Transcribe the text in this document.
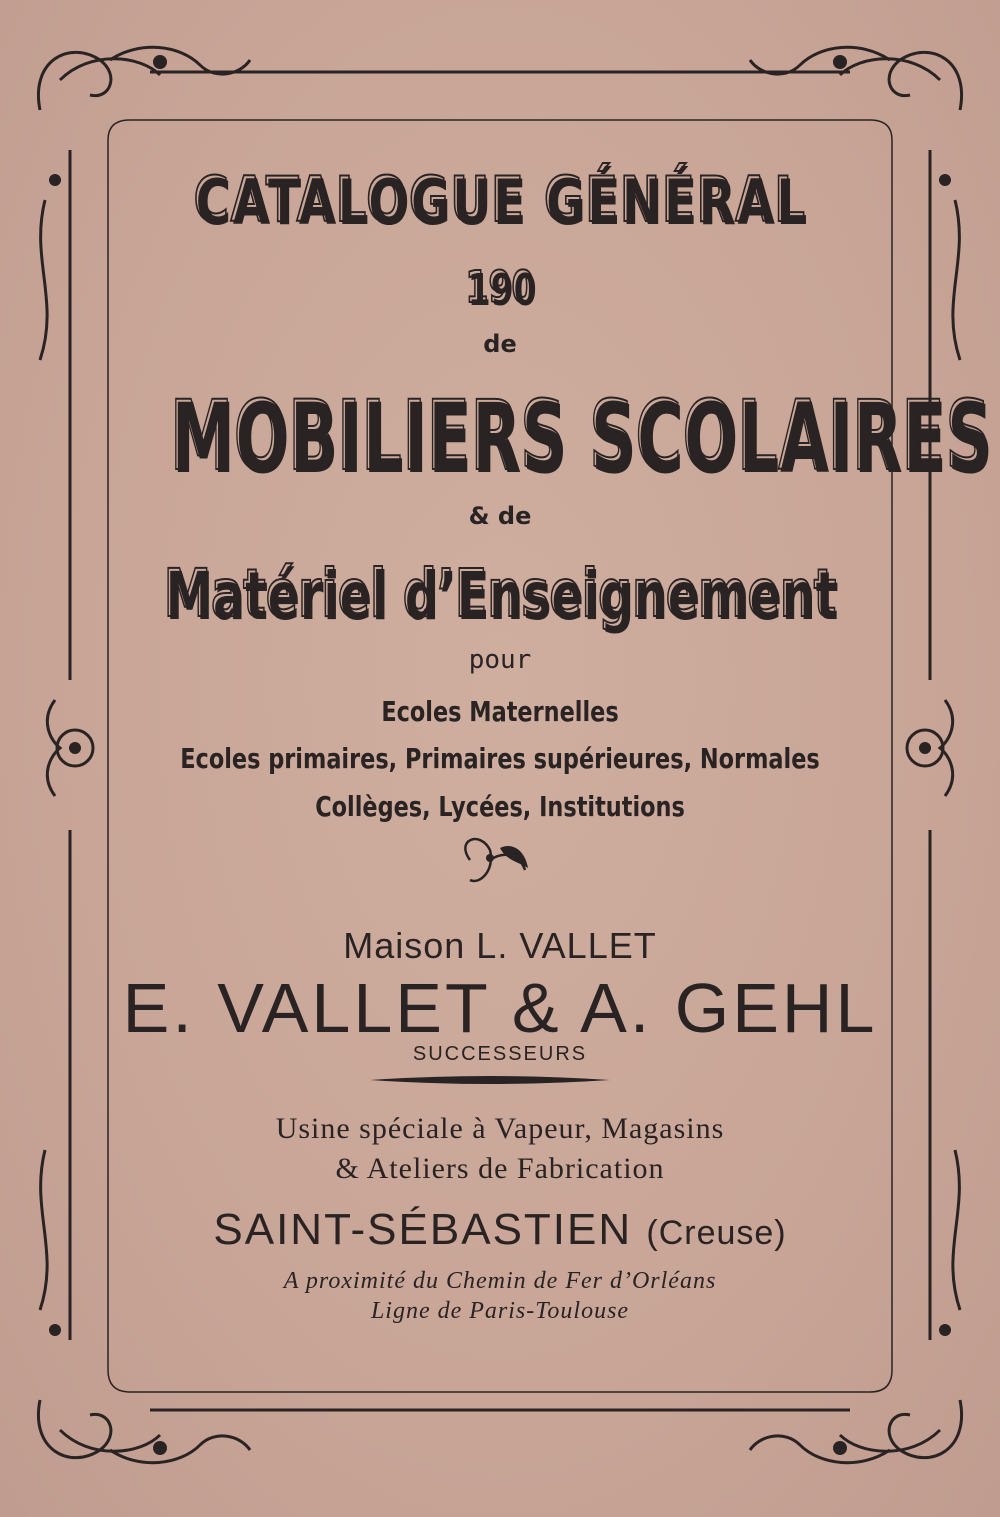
CATALOGUE GÉNÉRAL
190
de
MOBILIERS SCOLAIRES
& de
Matériel d’Enseignement
pour
Ecoles Maternelles
Ecoles primaires, Primaires supérieures, Normales
Collèges, Lycées, Institutions
Maison L. VALLET
E. VALLET & A. GEHL
SUCCESSEURS
Usine spéciale à Vapeur, Magasins
& Ateliers de Fabrication
SAINT-SÉBASTIEN (Creuse)
A proximité du Chemin de Fer d’Orléans
Ligne de Paris-Toulouse
